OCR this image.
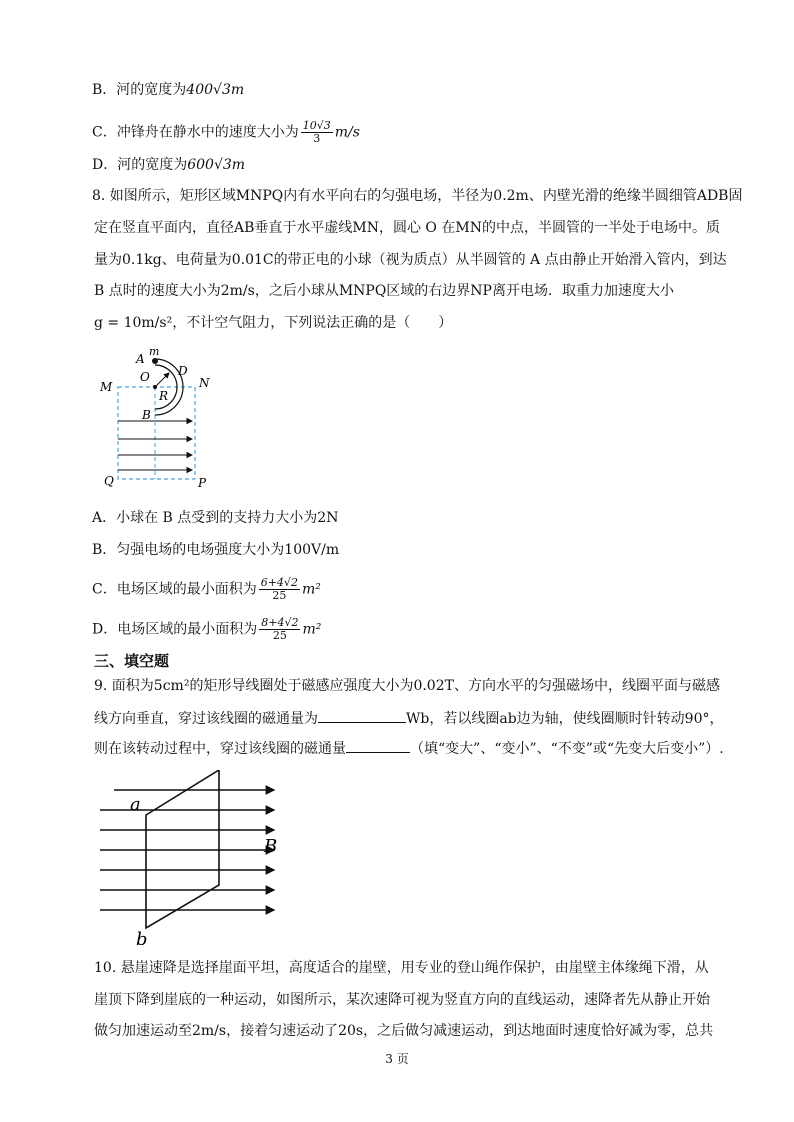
B．河的宽度为400√3m
C．冲锋舟在静水中的速度大小为 $\frac{10√3}{3} m/s$
D．河的宽度为600√3m
8. 如图所示，矩形区域MNPQ内有水平向右的匀强电场，半径为0.2m、内壁光滑的绝缘半圆细管ADB固
定在竖直平面内，直径AB垂直于水平虚线MN，圆心 O 在MN的中点，半圆管的一半处于电场中。质
量为0.1kg、电荷量为0.01C的带正电的小球（视为质点）从半圆管的 A 点由静止开始滑入管内，到达
B 点时的速度大小为2m/s，之后小球从MNPQ区域的右边界NP离开电场．取重力加速度大小
g = 10m/s²，不计空气阻力，下列说法正确的是（　　）
A
m
O D
M	N
R
B
Q	P
A．小球在 B 点受到的支持力大小为2N
B．匀强电场的电场强度大小为100V/m
C．电场区域的最小面积为 $\frac{6+4√2}{25} m^2$
D．电场区域的最小面积为 $\frac{8+4√2}{25} m^2$
三、填空题
9. 面积为5cm²的矩形导线圈处于磁感应强度大小为0.02T、方向水平的匀强磁场中，线圈平面与磁感
线方向垂直，穿过该线圈的磁通量为	Wb，若以线圈ab边为轴，使线圈顺时针转动90°，
则在该转动过程中，穿过该线圈的磁通量	（填“变大”、“变小”、“不变”或“先变大后变小”）.
a
b
B
10. 悬崖速降是选择崖面平坦，高度适合的崖壁，用专业的登山绳作保护，由崖壁主体缘绳下滑，从
崖顶下降到崖底的一种运动，如图所示，某次速降可视为竖直方向的直线运动，速降者先从静止开始
做匀加速运动至2m/s，接着匀速运动了20s，之后做匀减速运动，到达地面时速度恰好减为零，总共
3 页
